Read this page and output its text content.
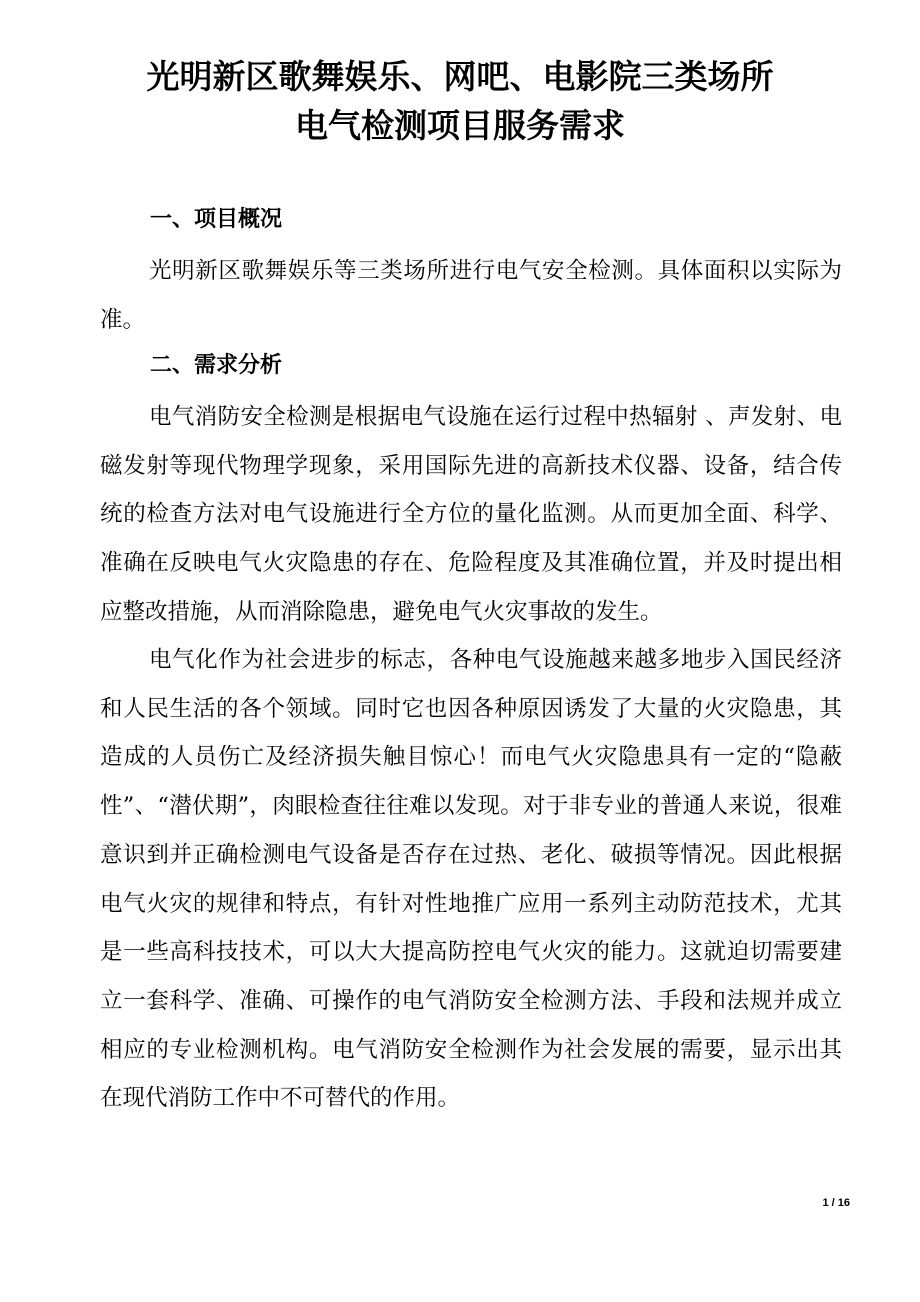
光明新区歌舞娱乐、网吧、电影院三类场所
电气检测项目服务需求
一、项目概况

光明新区歌舞娱乐等三类场所进行电气安全检测。具体面积以实际为准。

二、需求分析

电气消防安全检测是根据电气设施在运行过程中热辐射 、声发射、电磁发射等现代物理学现象，采用国际先进的高新技术仪器、设备，结合传统的检查方法对电气设施进行全方位的量化监测。从而更加全面、科学、准确在反映电气火灾隐患的存在、危险程度及其准确位置，并及时提出相应整改措施，从而消除隐患，避免电气火灾事故的发生。

电气化作为社会进步的标志，各种电气设施越来越多地步入国民经济和人民生活的各个领域。同时它也因各种原因诱发了大量的火灾隐患，其造成的人员伤亡及经济损失触目惊心！而电气火灾隐患具有一定的“隐蔽性”、“潜伏期”，肉眼检查往往难以发现。对于非专业的普通人来说，很难意识到并正确检测电气设备是否存在过热、老化、破损等情况。因此根据电气火灾的规律和特点，有针对性地推广应用一系列主动防范技术，尤其是一些高科技技术，可以大大提高防控电气火灾的能力。这就迫切需要建立一套科学、准确、可操作的电气消防安全检测方法、手段和法规并成立相应的专业检测机构。电气消防安全检测作为社会发展的需要，显示出其在现代消防工作中不可替代的作用。

1 / 16
